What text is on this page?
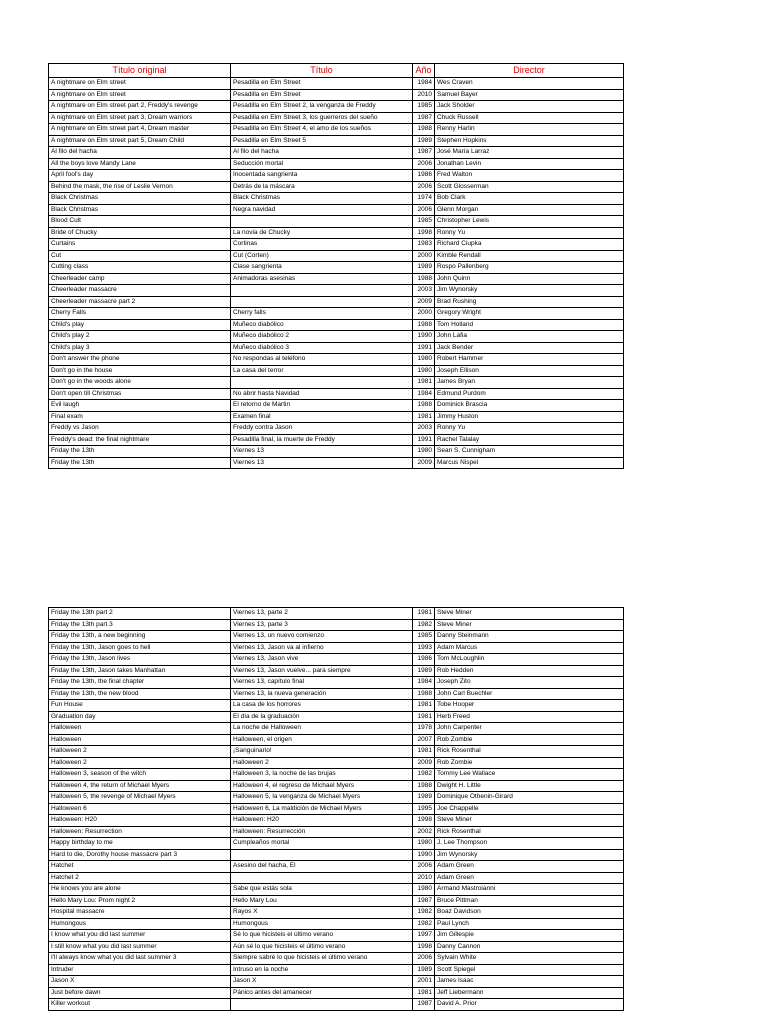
Título original	Título	Año	Director
A nightmare on Elm street	Pesadilla en Elm Street	1984	Wes Craven
A nightmare on Elm street	Pesadilla en Elm Street	2010	Samuel Bayer
A nightmare on Elm street part 2, Freddy's revenge	Pesadilla en Elm Street 2, la venganza de Freddy	1985	Jack Sholder
A nightmare on Elm street part 3, Dream warriors	Pesadilla en Elm Street 3, los guerreros del sueño	1987	Chuck Russell
A nightmare on Elm street part 4, Dream master	Pesadilla en Elm Street 4, el amo de los sueños	1988	Renny Harlin
A nightmare on Elm street part 5, Dream Child	Pesadilla en Elm Street 5	1989	Stephen Hopkins
Al filo del hacha	Al filo del hacha	1987	José María Larraz
All the boys love Mandy Lane	Seducción mortal	2006	Jonathan Levin
April fool's day	Inocentada sangrienta	1986	Fred Walton
Behind the mask, the rise of Leslie Vernon	Detrás de la máscara	2006	Scott Glosserman
Black Christmas	Black Christmas	1974	Bob Clark
Black Christmas	Negra navidad	2006	Glenn Morgan
Blood Cult		1985	Christopher Lewis
Bride of Chucky	La novia de Chucky	1998	Ronny Yu
Curtains	Cortinas	1983	Richard Ciupka
Cut	Cut (Corten)	2000	Kimble Rendall
Cutting class	Clase sangrienta	1989	Rospo Pallenberg
Cheerleader camp	Animadoras asesinas	1988	John Quinn
Cheerleader massacre		2003	Jim Wynorsky
Cheerleader massacre part 2		2009	Brad Rushing
Cherry Falls	Cherry falls	2000	Gregory Wright
Child's play	Muñeco diabólico	1988	Tom Holland
Child's play 2	Muñeco diabólico 2	1990	John Lafia
Child's play 3	Muñeco diabólico 3	1991	Jack Bender
Don't answer the phone	No respondas al teléfono	1980	Robert Hammer
Don't go in the house	La casa del terror	1980	Joseph Ellison
Don't go in the woods alone		1981	James Bryan
Don't open till Christmas	No abrir hasta Navidad	1984	Edmund Purdom
Evil laugh	El retorno de Martin	1988	Dominick Brascia
Final exam	Examen final	1981	Jimmy Huston
Freddy vs Jason	Freddy contra Jason	2003	Ronny Yu
Freddy's dead: the final nightmare	Pesadilla final, la muerte de Freddy	1991	Rachel Talalay
Friday the 13th	Viernes 13	1980	Sean S. Cunnigham
Friday the 13th	Viernes 13	2009	Marcus Nispel
Friday the 13th part 2	Viernes 13, parte 2	1981	Steve Miner
Friday the 13th part 3	Viernes 13, parte 3	1982	Steve Miner
Friday the 13th, a new beginning	Viernes 13, un nuevo comienzo	1985	Danny Steinmann
Friday the 13th, Jason goes to hell	Viernes 13, Jason va al infierno	1993	Adam Marcus
Friday the 13th, Jason lives	Viernes 13, Jason vive	1986	Tom McLoughlin
Friday the 13th, Jason takes Manhattan	Viernes 13, Jason vuelve... para siempre	1989	Rob Hedden
Friday the 13th, the final chapter	Viernes 13, capítulo final	1984	Joseph Zito
Friday the 13th, the new blood	Viernes 13, la nueva generación	1988	John Carl Buechler
Fun House	La casa de los horrores	1981	Tobe Hooper
Graduation day	El día de la graduación	1981	Herb Freed
Halloween	La noche de Halloween	1978	John Carpenter
Halloween	Halloween, el origen	2007	Rob Zombie
Halloween 2	¡Sanguinario!	1981	Rick Rosenthal
Halloween 2	Halloween 2	2009	Rob Zombie
Halloween 3, season of the witch	Halloween 3, la noche de las brujas	1982	Tommy Lee Wallace
Halloween 4, the return of Michael Myers	Halloween 4, el regreso de Michael Myers	1988	Dwight H. Little
Halloween 5, the revenge of Michael Myers	Halloween 5, la venganza de Michael Myers	1989	Dominique Othenin-Girard
Halloween 6	Halloween 6, La maldición de Michael Myers	1995	Joe Chappelle
Halloween: H20	Halloween: H20	1998	Steve Miner
Halloween: Resurrection	Halloween: Resurrección	2002	Rick Rosenthal
Happy birthday to me	Cumpleaños mortal	1980	J. Lee Thompson
Hard to die, Dorothy house massacre part 3		1990	Jim Wynorsky
Hatchet	Asesino del hacha, El	2006	Adam Green
Hatchet 2		2010	Adam Green
He knows you are alone	Sabe que estás sola	1980	Armand Mastroianni
Hello Mary Lou: Prom night 2	Hello Mary Lou	1987	Bruce Pittman
Hospital massacre	Rayos X	1982	Boaz Davidson
Humongous	Humongous	1982	Paul Lynch
I know what you did last summer	Sé lo que hicisteis el último verano	1997	Jim Gillespie
I still know what you did last summer	Aún sé lo que hicisteis el último verano	1998	Danny Cannon
I'll always know what you did last summer 3	Siempre sabré lo que hicisteis el último verano	2006	Sylvain White
Intruder	Intruso en la noche	1989	Scott Spiegel
Jason X	Jason X	2001	James Isaac
Just before dawn	Pánico antes del amanecer	1981	Jeff Liebermann
Killer workout		1987	David A. Prior
